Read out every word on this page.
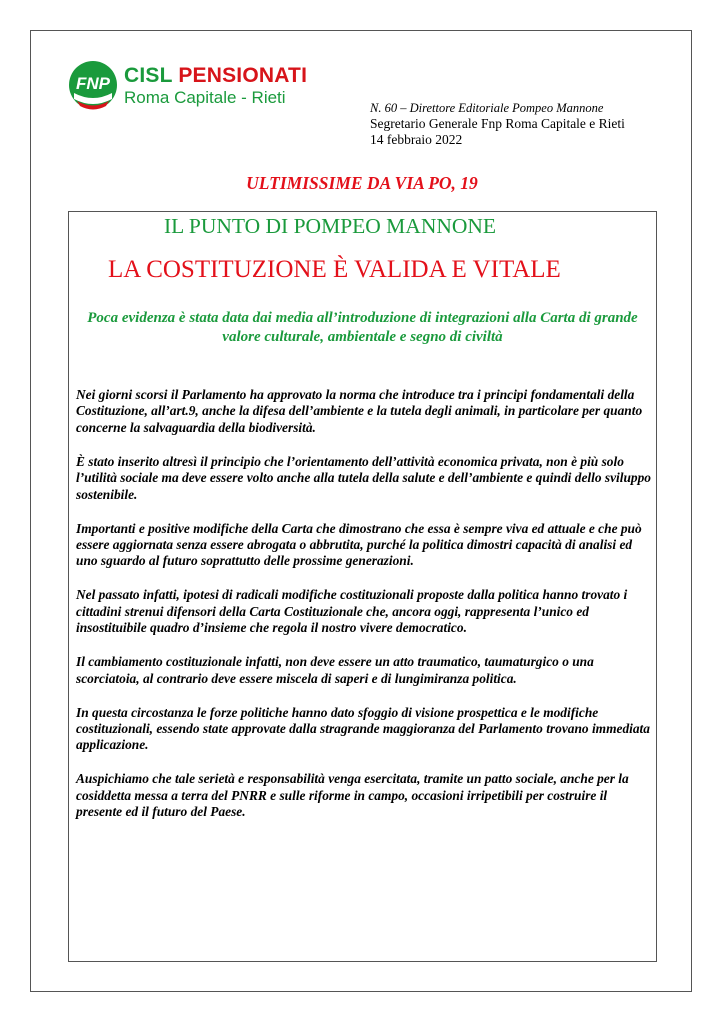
FNP CISL PENSIONATI
Roma Capitale - Rieti
N. 60 – Direttore Editoriale Pompeo Mannone
Segretario Generale Fnp Roma Capitale e Rieti
14 febbraio 2022
ULTIMISSIME DA VIA PO, 19
IL PUNTO DI POMPEO MANNONE
LA COSTITUZIONE È VALIDA E VITALE
Poca evidenza è stata data dai media all’introduzione di integrazioni alla Carta di grande valore culturale, ambientale e segno di civiltà

Nei giorni scorsi il Parlamento ha approvato la norma che introduce tra i principi fondamentali della Costituzione, all’art.9, anche la difesa dell’ambiente e la tutela degli animali, in particolare per quanto concerne la salvaguardia della biodiversità.

È stato inserito altresì il principio che l’orientamento dell’attività economica privata, non è più solo l’utilità sociale ma deve essere volto anche alla tutela della salute e dell’ambiente e quindi dello sviluppo sostenibile.

Importanti e positive modifiche della Carta che dimostrano che essa è sempre viva ed attuale e che può essere aggiornata senza essere abrogata o abbrutita, purché la politica dimostri capacità di analisi ed uno sguardo al futuro soprattutto delle prossime generazioni.

Nel passato infatti, ipotesi di radicali modifiche costituzionali proposte dalla politica hanno trovato i cittadini strenui difensori della Carta Costituzionale che, ancora oggi, rappresenta l’unico ed insostituibile quadro d’insieme che regola il nostro vivere democratico.

Il cambiamento costituzionale infatti, non deve essere un atto traumatico, taumaturgico o una scorciatoia, al contrario deve essere miscela di saperi e di lungimiranza politica.

In questa circostanza le forze politiche hanno dato sfoggio di visione prospettica e le modifiche costituzionali, essendo state approvate dalla stragrande maggioranza del Parlamento trovano immediata applicazione.

Auspichiamo che tale serietà e responsabilità venga esercitata, tramite un patto sociale, anche per la cosiddetta messa a terra del PNRR e sulle riforme in campo, occasioni irripetibili per costruire il presente ed il futuro del Paese.
